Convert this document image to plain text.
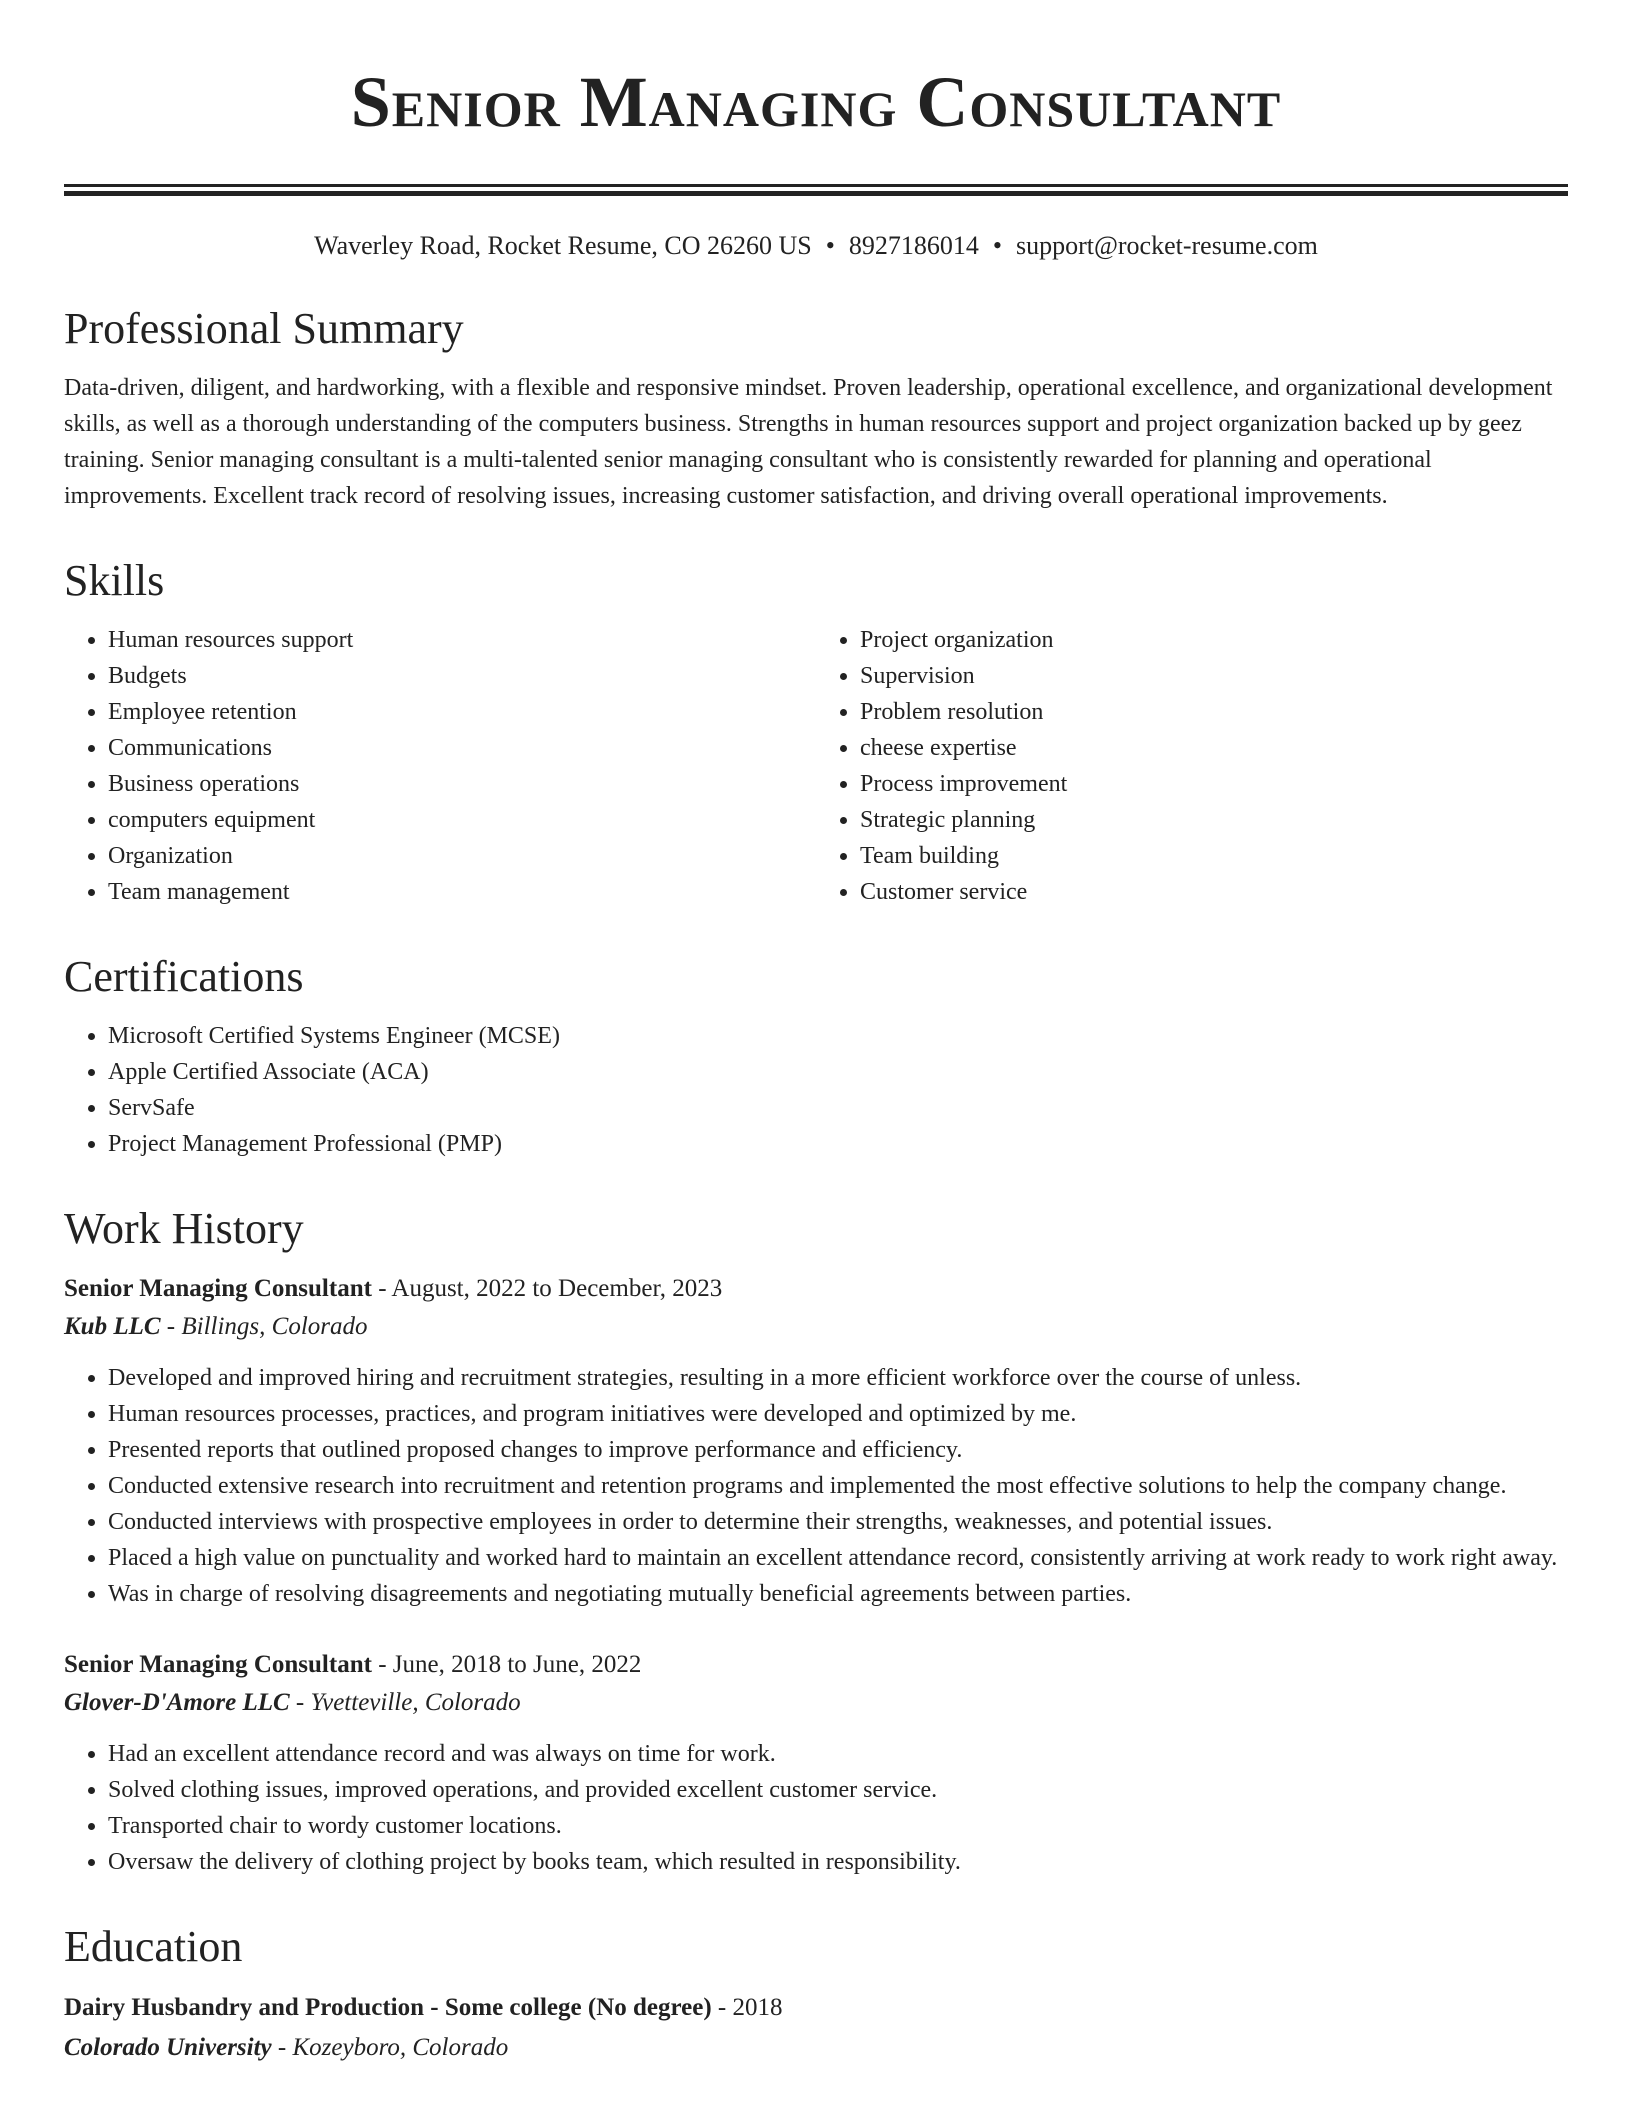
Senior Managing Consultant
Waverley Road, Rocket Resume, CO 26260 US • 8927186014 • support@rocket-resume.com
Professional Summary

Data-driven, diligent, and hardworking, with a flexible and responsive mindset. Proven leadership, operational excellence, and organizational development skills, as well as a thorough understanding of the computers business. Strengths in human resources support and project organization backed up by geez training. Senior managing consultant is a multi-talented senior managing consultant who is consistently rewarded for planning and operational improvements. Excellent track record of resolving issues, increasing customer satisfaction, and driving overall operational improvements.

Skills
• Human resources support
• Budgets
• Employee retention
• Communications
• Business operations
• computers equipment
• Organization
• Team management
• Project organization
• Supervision
• Problem resolution
• cheese expertise
• Process improvement
• Strategic planning
• Team building
• Customer service
Certifications
• Microsoft Certified Systems Engineer (MCSE)
• Apple Certified Associate (ACA)
• ServSafe
• Project Management Professional (PMP)
Work History
Senior Managing Consultant - August, 2022 to December, 2023
Kub LLC - Billings, Colorado
• Developed and improved hiring and recruitment strategies, resulting in a more efficient workforce over the course of unless.
• Human resources processes, practices, and program initiatives were developed and optimized by me.
• Presented reports that outlined proposed changes to improve performance and efficiency.
• Conducted extensive research into recruitment and retention programs and implemented the most effective solutions to help the company change.
• Conducted interviews with prospective employees in order to determine their strengths, weaknesses, and potential issues.
• Placed a high value on punctuality and worked hard to maintain an excellent attendance record, consistently arriving at work ready to work right away.
• Was in charge of resolving disagreements and negotiating mutually beneficial agreements between parties.
Senior Managing Consultant - June, 2018 to June, 2022
Glover-D'Amore LLC - Yvetteville, Colorado
• Had an excellent attendance record and was always on time for work.
• Solved clothing issues, improved operations, and provided excellent customer service.
• Transported chair to wordy customer locations.
• Oversaw the delivery of clothing project by books team, which resulted in responsibility.
Education
Dairy Husbandry and Production - Some college (No degree) - 2018
Colorado University - Kozeyboro, Colorado
